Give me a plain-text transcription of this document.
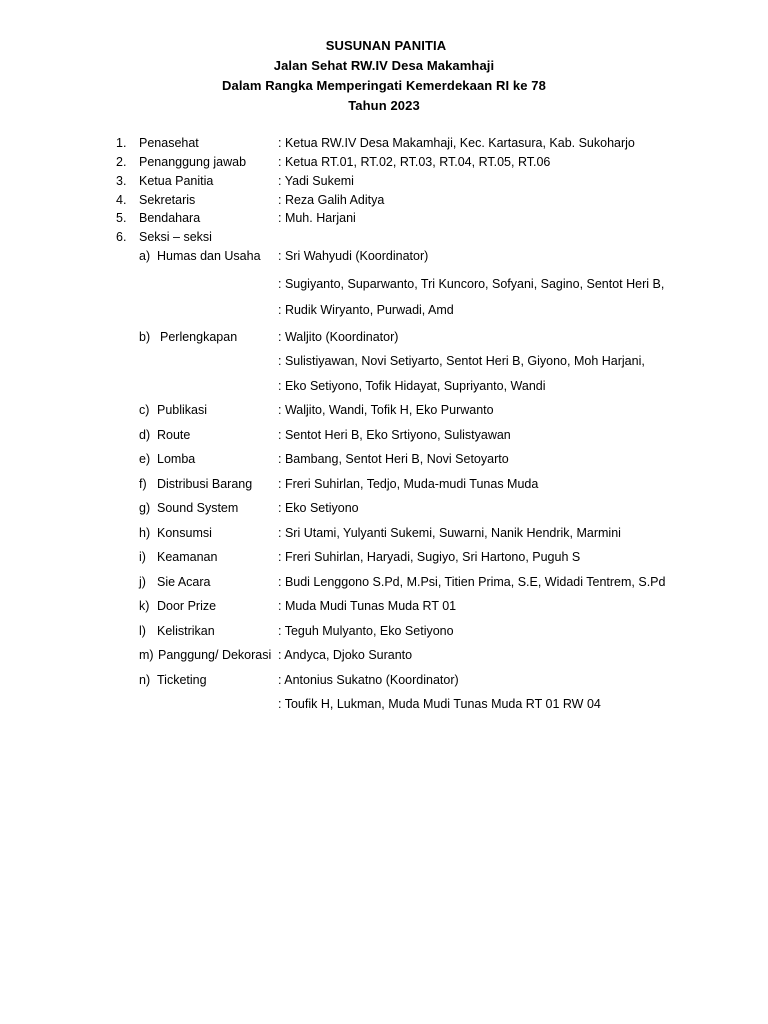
SUSUNAN PANITIA
Jalan Sehat RW.IV Desa Makamhaji
Dalam Rangka Memperingati Kemerdekaan RI ke 78
Tahun 2023
1. Penasehat	: Ketua RW.IV Desa Makamhaji, Kec. Kartasura, Kab. Sukoharjo
2. Penanggung jawab	: Ketua RT.01, RT.02, RT.03, RT.04, RT.05, RT.06
3. Ketua Panitia	: Yadi Sukemi
4. Sekretaris	: Reza Galih Aditya
5. Bendahara	: Muh. Harjani
6. Seksi – seksi
a) Humas dan Usaha : Sri Wahyudi (Koordinator)
: Sugiyanto, Suparwanto, Tri Kuncoro, Sofyani, Sagino, Sentot Heri B,
: Rudik Wiryanto, Purwadi, Amd
b) Perlengkapan	: Waljito (Koordinator)
: Sulistiyawan, Novi Setiyarto, Sentot Heri B, Giyono, Moh Harjani,
: Eko Setiyono, Tofik Hidayat, Supriyanto, Wandi
c) Publikasi	: Waljito, Wandi, Tofik H, Eko Purwanto
d) Route	: Sentot Heri B, Eko Srtiyono, Sulistyawan
e) Lomba	: Bambang, Sentot Heri B, Novi Setoyarto
f) Distribusi Barang : Freri Suhirlan, Tedjo, Muda-mudi Tunas Muda
g) Sound System	: Eko Setiyono
h) Konsumsi	: Sri Utami, Yulyanti Sukemi, Suwarni, Nanik Hendrik, Marmini
i) Keamanan	: Freri Suhirlan, Haryadi, Sugiyo, Sri Hartono, Puguh S
j) Sie Acara	: Budi Lenggono S.Pd, M.Psi, Titien Prima, S.E, Widadi Tentrem, S.Pd
k) Door Prize	: Muda Mudi Tunas Muda RT 01
l) Kelistrikan	: Teguh Mulyanto, Eko Setiyono
m) Panggung/ Dekorasi : Andyca, Djoko Suranto
n) Ticketing	: Antonius Sukatno (Koordinator)
: Toufik H, Lukman, Muda Mudi Tunas Muda RT 01 RW 04
